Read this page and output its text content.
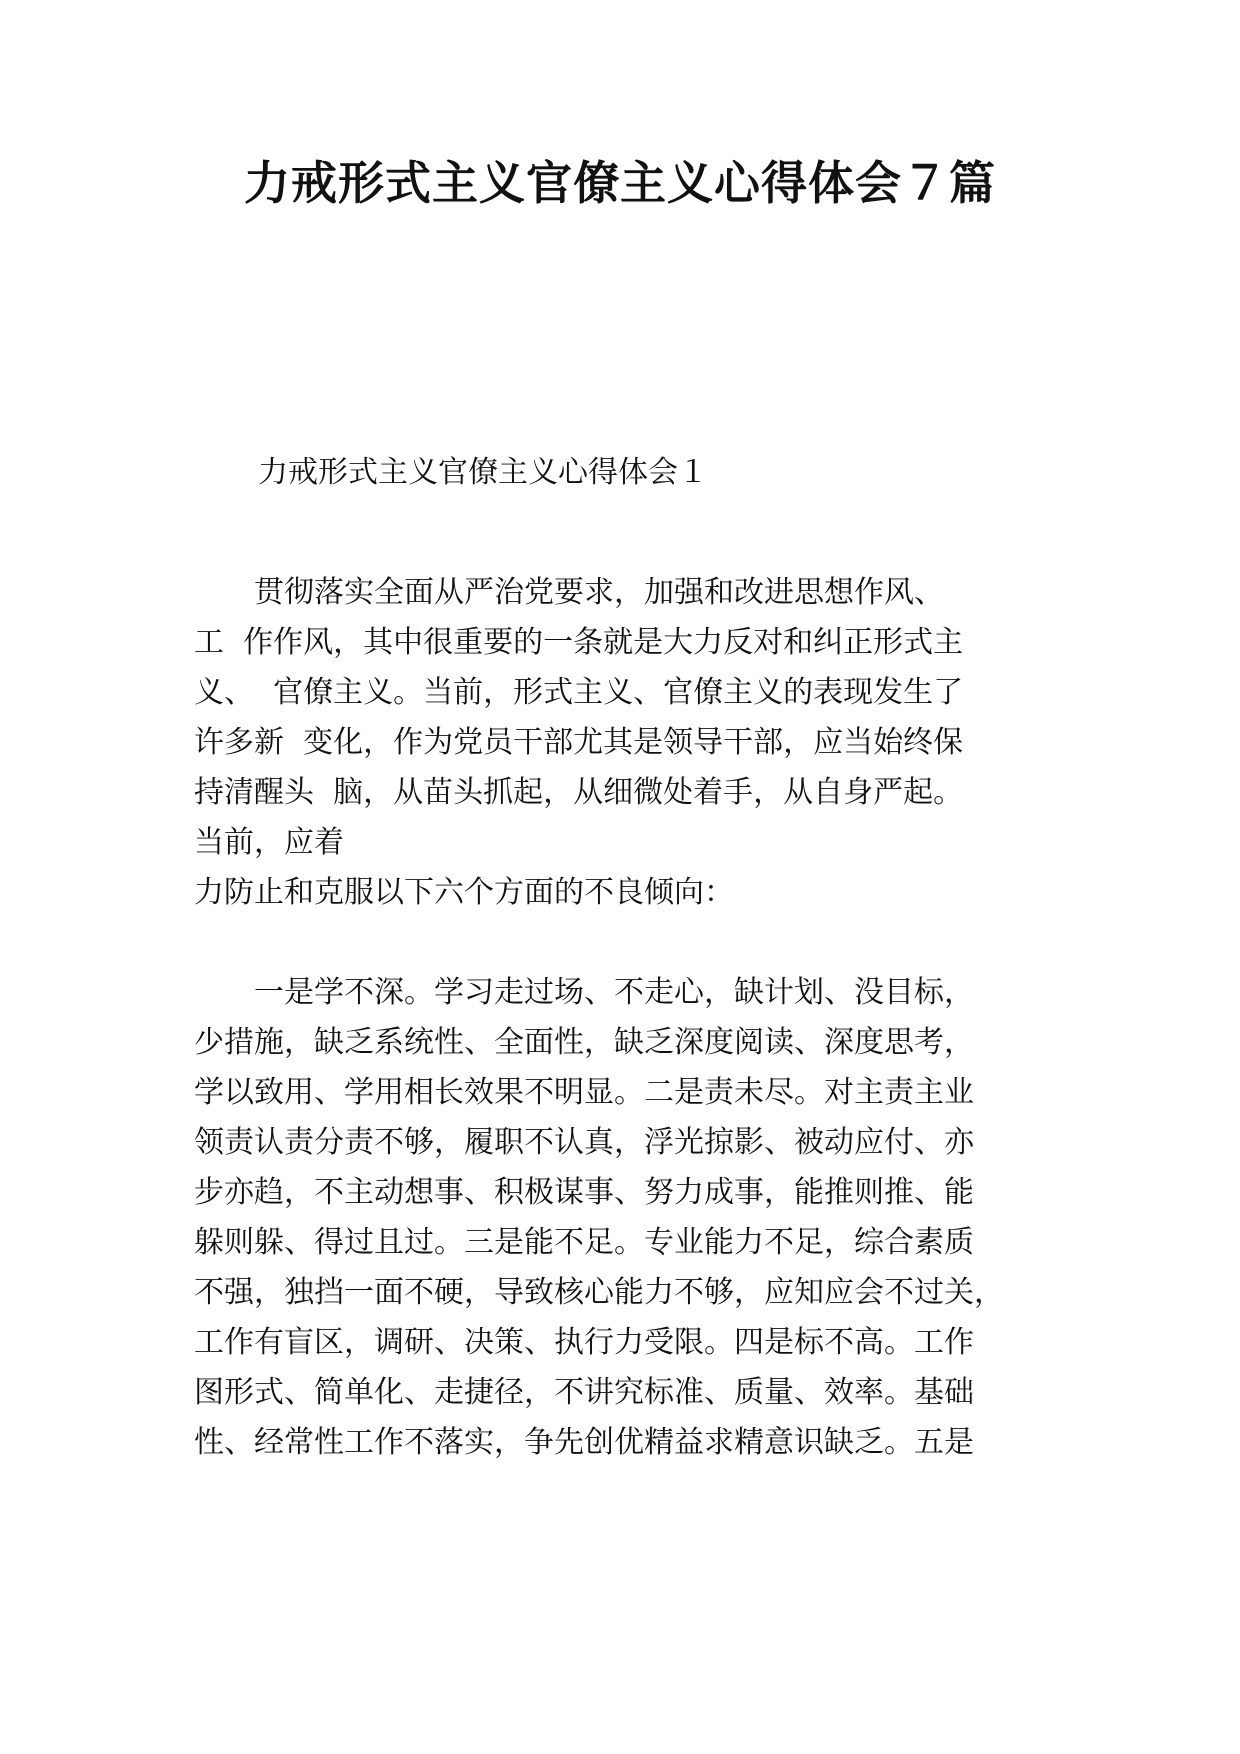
力戒形式主义官僚主义心得体会７篇
力戒形式主义官僚主义心得体会１
　　贯彻落实全面从严治党要求，加强和改进思想作风、
工  作作风，其中很重要的一条就是大力反对和纠正形式主
义、  官僚主义。当前，形式主义、官僚主义的表现发生了
许多新  变化，作为党员干部尤其是领导干部，应当始终保
持清醒头  脑，从苗头抓起，从细微处着手，从自身严起。
当前，应着
力防止和克服以下六个方面的不良倾向：
　　一是学不深。学习走过场、不走心，缺计划、没目标，
少措施，缺乏系统性、全面性，缺乏深度阅读、深度思考，
学以致用、学用相长效果不明显。二是责未尽。对主责主业
领责认责分责不够，履职不认真，浮光掠影、被动应付、亦
步亦趋，不主动想事、积极谋事、努力成事，能推则推、能
躲则躲、得过且过。三是能不足。专业能力不足，综合素质
不强，独挡一面不硬，导致核心能力不够，应知应会不过关，
工作有盲区，调研、决策、执行力受限。四是标不高。工作
图形式、简单化、走捷径，不讲究标准、质量、效率。基础
性、经常性工作不落实，争先创优精益求精意识缺乏。五是
